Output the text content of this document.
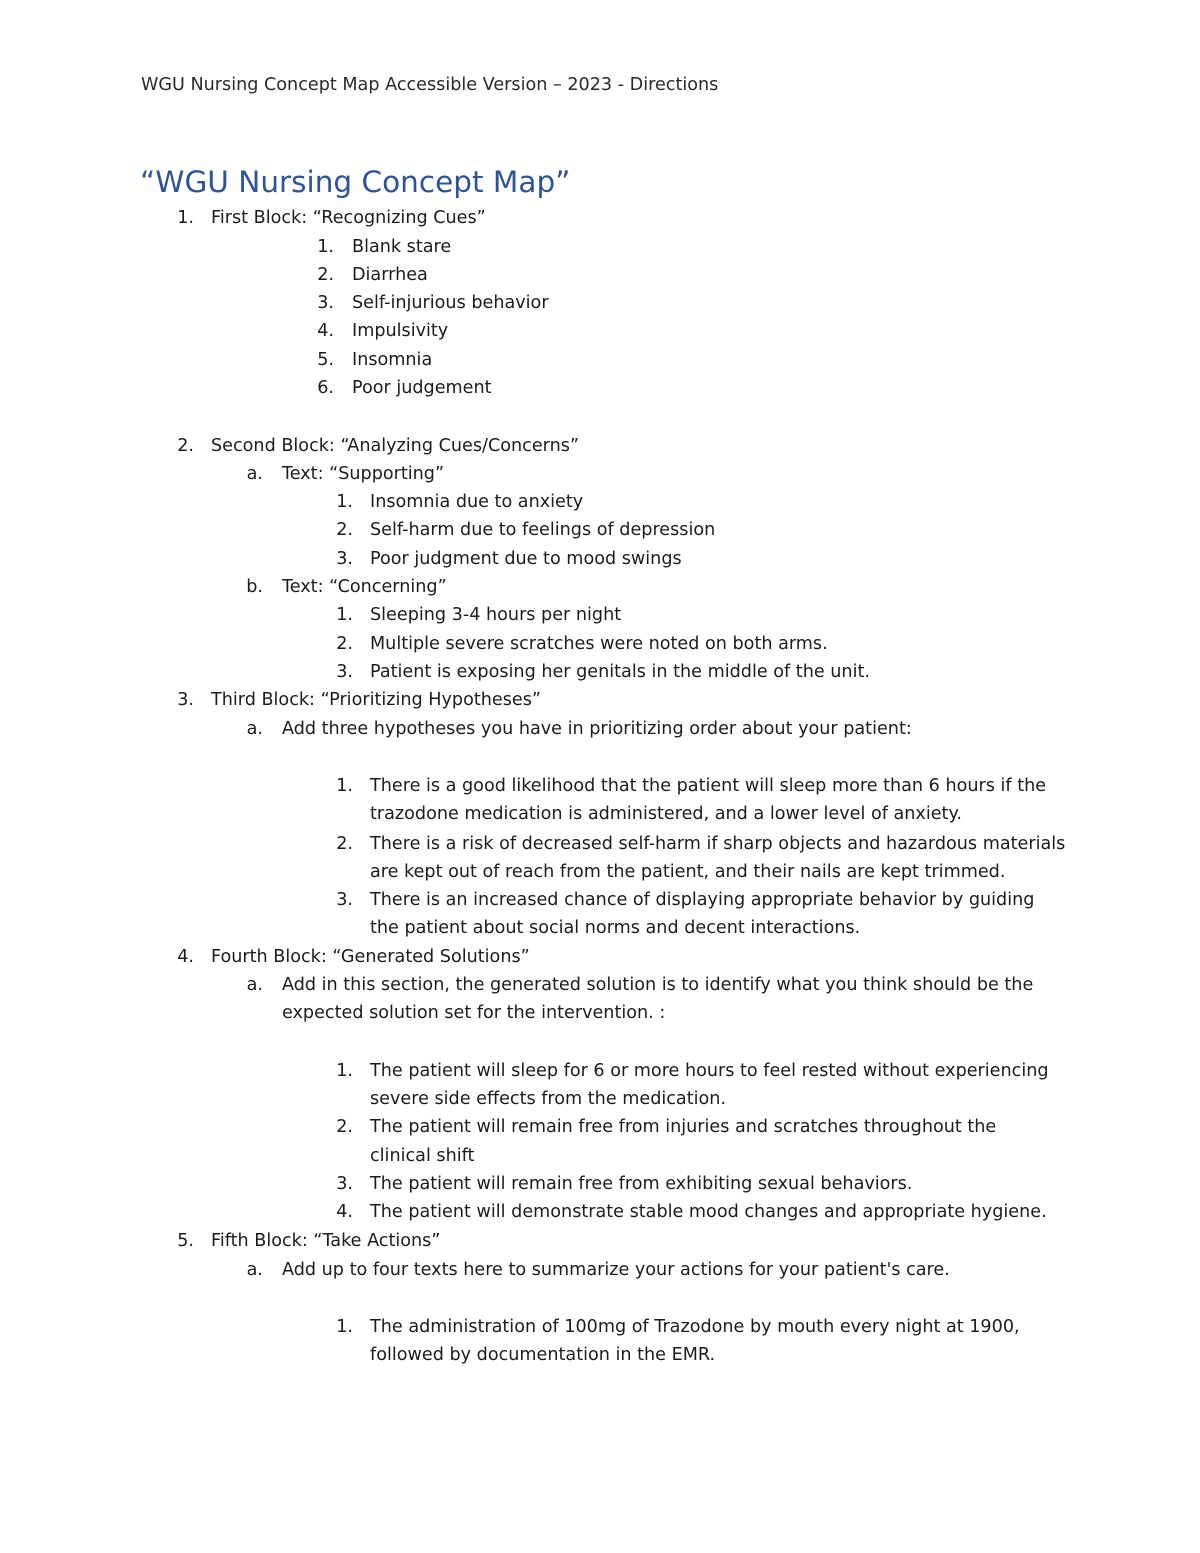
WGU Nursing Concept Map Accessible Version – 2023 - Directions
“WGU Nursing Concept Map”
1. First Block: “Recognizing Cues”
1. Blank stare
2. Diarrhea
3. Self-injurious behavior
4. Impulsivity
5. Insomnia
6. Poor judgement
2. Second Block: “Analyzing Cues/Concerns”
a. Text: “Supporting”
1. Insomnia due to anxiety
2. Self-harm due to feelings of depression
3. Poor judgment due to mood swings
b. Text: “Concerning”
1. Sleeping 3-4 hours per night
2. Multiple severe scratches were noted on both arms.
3. Patient is exposing her genitals in the middle of the unit.
3. Third Block: “Prioritizing Hypotheses”
a. Add three hypotheses you have in prioritizing order about your patient:
1. There is a good likelihood that the patient will sleep more than 6 hours if the
trazodone medication is administered, and a lower level of anxiety.
2. There is a risk of decreased self-harm if sharp objects and hazardous materials
are kept out of reach from the patient, and their nails are kept trimmed.
3. There is an increased chance of displaying appropriate behavior by guiding
the patient about social norms and decent interactions.
4. Fourth Block: “Generated Solutions”
a. Add in this section, the generated solution is to identify what you think should be the
expected solution set for the intervention. :
1. The patient will sleep for 6 or more hours to feel rested without experiencing
severe side effects from the medication.
2. The patient will remain free from injuries and scratches throughout the
clinical shift
3. The patient will remain free from exhibiting sexual behaviors.
4. The patient will demonstrate stable mood changes and appropriate hygiene.
5. Fifth Block: “Take Actions”
a. Add up to four texts here to summarize your actions for your patient's care.
1. The administration of 100mg of Trazodone by mouth every night at 1900,
followed by documentation in the EMR.
